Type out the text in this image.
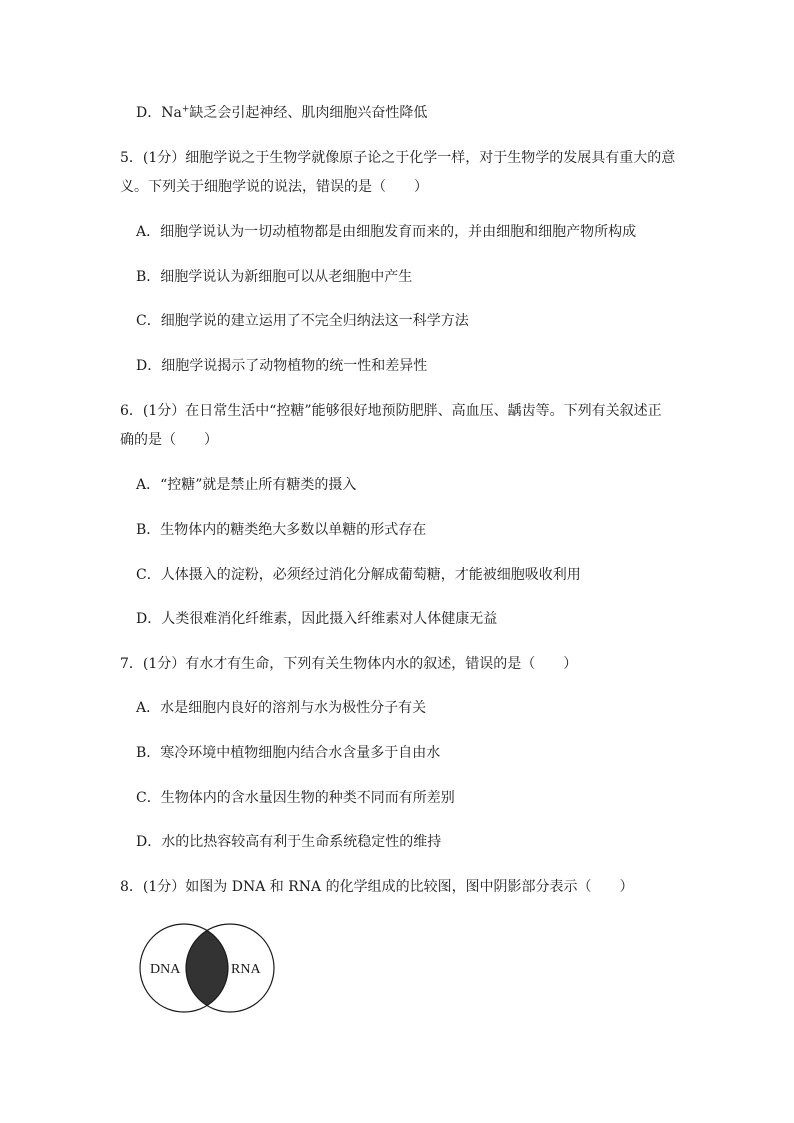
D．Na+缺乏会引起神经、肌肉细胞兴奋性降低
5．(1分）细胞学说之于生物学就像原子论之于化学一样，对于生物学的发展具有重大的意
义。下列关于细胞学说的说法，错误的是（　　）
A．细胞学说认为一切动植物都是由细胞发育而来的，并由细胞和细胞产物所构成
B．细胞学说认为新细胞可以从老细胞中产生
C．细胞学说的建立运用了不完全归纳法这一科学方法
D．细胞学说揭示了动物植物的统一性和差异性
6．(1分）在日常生活中“控糖”能够很好地预防肥胖、高血压、龋齿等。下列有关叙述正
确的是（　　）
A．“控糖”就是禁止所有糖类的摄入
B．生物体内的糖类绝大多数以单糖的形式存在
C．人体摄入的淀粉，必须经过消化分解成葡萄糖，才能被细胞吸收利用
D．人类很难消化纤维素，因此摄入纤维素对人体健康无益
7．(1分）有水才有生命，下列有关生物体内水的叙述，错误的是（　　）
A．水是细胞内良好的溶剂与水为极性分子有关
B．寒冷环境中植物细胞内结合水含量多于自由水
C．生物体内的含水量因生物的种类不同而有所差别
D．水的比热容较高有利于生命系统稳定性的维持
8．(1分）如图为 DNA 和 RNA 的化学组成的比较图，图中阴影部分表示（　　）
DNA	RNA
